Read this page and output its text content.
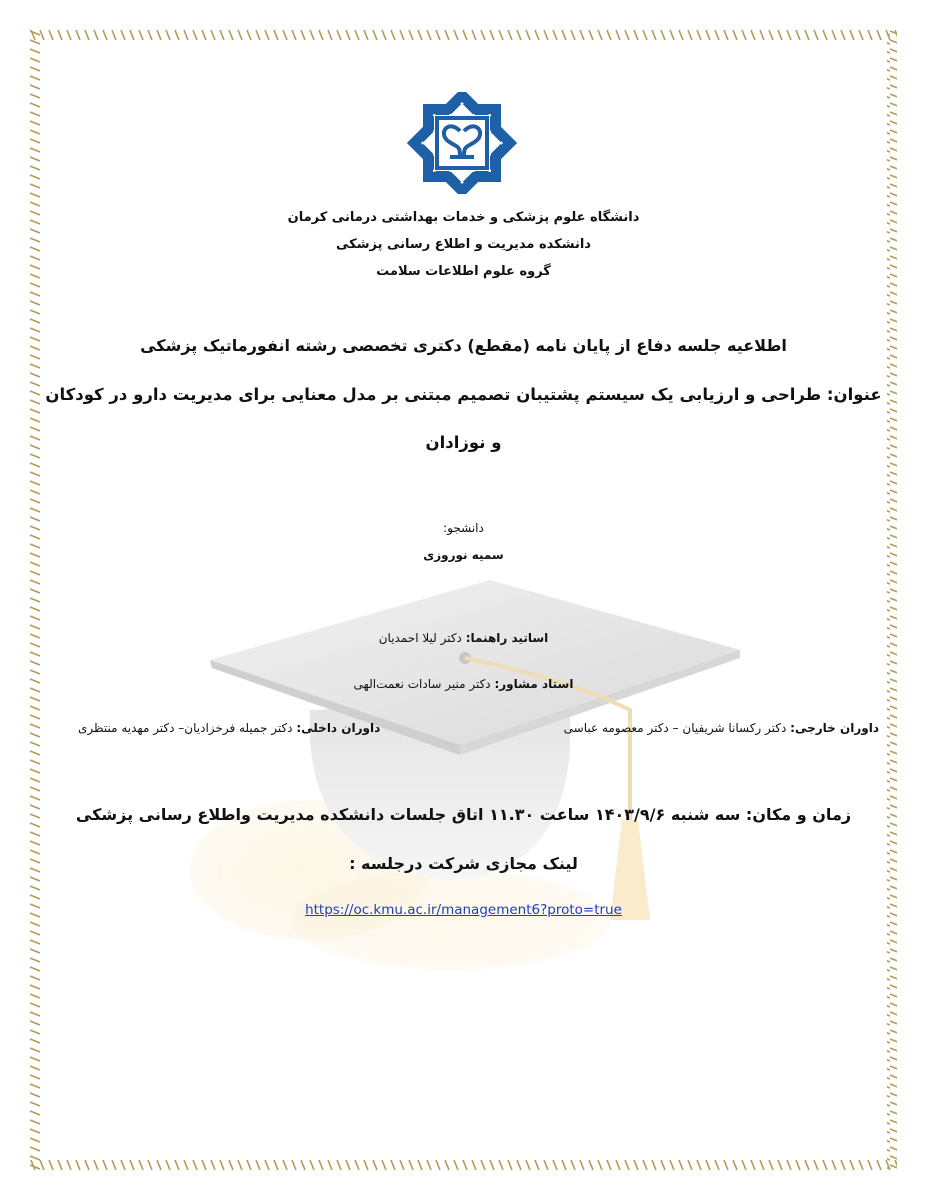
دانشگاه علوم پزشکی و خدمات بهداشتی درمانی کرمان
دانشکده مدیریت و اطلاع رسانی پزشکی
گروه علوم اطلاعات سلامت
اطلاعیه جلسه دفاع از پایان نامه (مقطع) دکتری تخصصی رشته انفورماتیک پزشکی
عنوان: طراحی و ارزیابی یک سیستم پشتیبان تصمیم مبتنی بر مدل معنایی برای مدیریت دارو در کودکان
و نوزادان
دانشجو:
سمیه نوروزی
اساتید راهنما: دکتر لیلا احمدیان
استاد مشاور: دکتر منیر سادات نعمت‌الهی
داوران خارجی: دکتر رکسانا شریفیان – دکتر معصومه عباسی
داوران داخلی: دکتر جمیله فرخزادیان– دکتر مهدیه منتظری
زمان و مکان: سه شنبه ۱۴۰۳/۹/۶ ساعت ۱۱.۳۰ اتاق جلسات دانشکده مدیریت واطلاع رسانی پزشکی
لینک مجازی شرکت درجلسه :
https://oc.kmu.ac.ir/management6?proto=true
